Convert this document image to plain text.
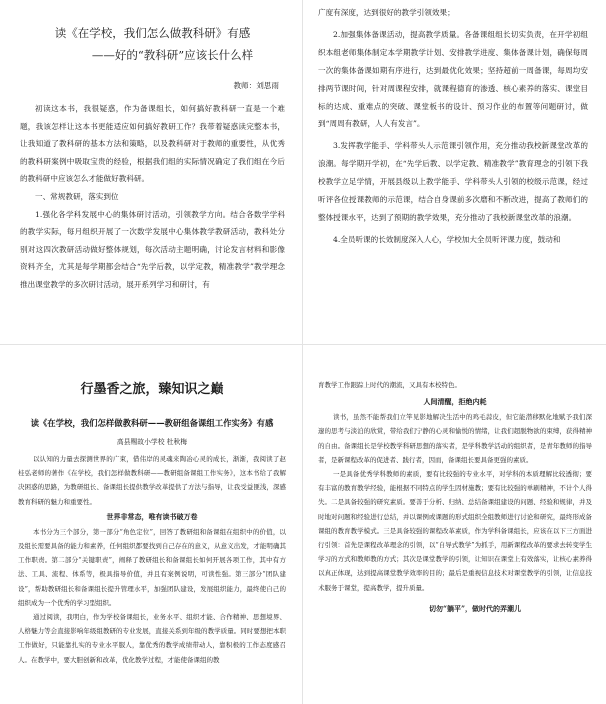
读《在学校，我们怎么做教科研》有感
——好的“教科研”应该长什么样
教师：刘思雨

初读这本书，我很疑惑，作为备课组长，如何搞好教科研一直是一个难题，我该怎样让这本书更能适应如何搞好教研工作？我带着疑惑读完整本书，让我知道了教科研的基本方法和策略，以及教科研对于教师的重要性，从优秀的教科研案例中吸取宝贵的经验，根据我们组的实际情况确定了我们组在今后的教科研中应该怎么才能做好教科研。

一、常规教研，落实到位

1.强化各学科发展中心的集体研讨活动，引领教学方向。结合各数学学科的教学实际，每月组织开展了一次数学发展中心集体教学教研活动，教科处分别对这四次教研活动做好整体规划，每次活动主题明确，讨论发言材料和影像资料齐全，尤其是每学期都会结合“先学后教，以学定教，精准教学”教学理念推出课堂教学的多次研讨活动，展开系列学习和研讨，有

广度有深度，达到很好的教学引领效果；

2.加强集体备课活动，提高教学质量。各备课组组长切实负责，在开学初组织本组老师集体制定本学期教学计划、安排教学进度、集体备课计划，确保每周一次的集体备课如期有序进行，达到最优化效果；坚持超前一周备课，每周均安排两节课时间，针对周课程安排，就课程德育的渗透、核心素养的落实、课堂目标的达成、重难点的突破、课堂板书的设计、预习作业的布置等问题研讨，做到“周周有教研，人人有发言”。

3.发挥教学能手、学科带头人示范课引领作用，充分推动我校新课堂改革的浪潮。每学期开学初，在“先学后教、以学定教、精准教学”教育理念的引领下我校教学立足学情，开展县级以上教学能手、学科带头人引领的校级示范课，经过听评各位授课教师的示范课，结合自身课前多次磨和不断改进，提高了教师们的整体授课水平，达到了预期的教学效果，充分推动了我校新课堂改革的浪潮。

4.全员听课的长效制度深入人心，学校加大全员听评课力度，鼓动和

行墨香之旅，臻知识之巅
读《在学校，我们怎样做教科研——教研组备课组工作实务》有感
高县赐故小学校 杜秋梅

以认知的力量去探测世界的广束，借伟岸的灵魂来陶冶心灵的成长，渐渐，我阅读了赵桂弘老师的著作《在学校，我们怎样做教科研——教研组备课组工作实务》，这本书给了我解决困惑的思路，为教研组长、备课组长提供教学改革提供了方法与指导，让我受益匪浅，深感教育科研的魅力和重要性。

世界非常态，唯有读书破万卷

本书分为三个部分，第一部分“角色定位”，回答了教研组和备课组在组织中的价值，以及组长需要具备的能力和素养，任何组织都要找到自己存在的意义，从意义出发，才能明确其工作职责。第二部分“关键职责”，阐释了教研组长和备课组长如何开展各项工作，其中有方法、工具、流程、体系等，极具指导价值，并且有案例说明，可读性强。第三部分“团队建设”，帮助教研组长和备课组长提升管理水平，加强团队建设，发展组织能力，最终使自己的组织成为一个优秀的学习型组织。

通过阅读，我明白，作为学校备课组长，业务水平、组织才能、合作精神、思想境界、人格魅力等会直接影响年级组教研的专业发展，直接关系到年级的教学质量。同时要想把本职工作做好，只能靠扎实的专业水平服人，靠优秀的教学成绩带动人，靠积极的工作态度感召人。在教学中，要大胆创新和改革，优化教学过程，才能使备课组的教

育教学工作跟踪上时代的潮流，又具有本校特色。

人间清醒，拒绝内耗

读书，虽然不能帮我们立竿见影地解决生活中的鸡毛蒜皮，但它能潜移默化地赋予我们深邃的思考与淡泊的欣赏，带给我们宁静的心灵和愉悦的情绪，让我们超脱物欲的束缚，获得精神的自由。备课组长是学校教学科研思想的落实者，是学科教学活动的组织者，是青年教师的指导者，是新课程改革的促进者、践行者，因而，备课组长要具备更强的素质。

一是具备优秀学科教师的素质，要有比较强的专业水平，对学科的本质理解比较透彻；要有丰富的教育教学经验，能根据不同特点的学生因材施教；要有比较强的单刷精神，不计个人得失。二是具备较强的研究素质。要善于分析、归纳、总结备课组建设的问题、经验和规律，并及时地对问题和经验进行总结，并以课例或课题的形式组织全组教师进行讨论和研究，最终形成备课组的教育教学模式。三是具备较强的课程改革素质，作为学科备课组长，应该在以下三方面进行引领：首先是课程改革理念的引领，以“自导式教学”为抓手，用新课程改革的要求去转变学生学习的方式和教师教的方式；其次是课堂教学的引领，让知识在课堂上有效落实，让核心素养得以真正体现，达到提高课堂教学效率的目的；最后是重视信息技术对课堂教学的引领，让信息技术服务于课堂，提高教学，提升质量。

切勿“躺平”，做时代的弄潮儿
